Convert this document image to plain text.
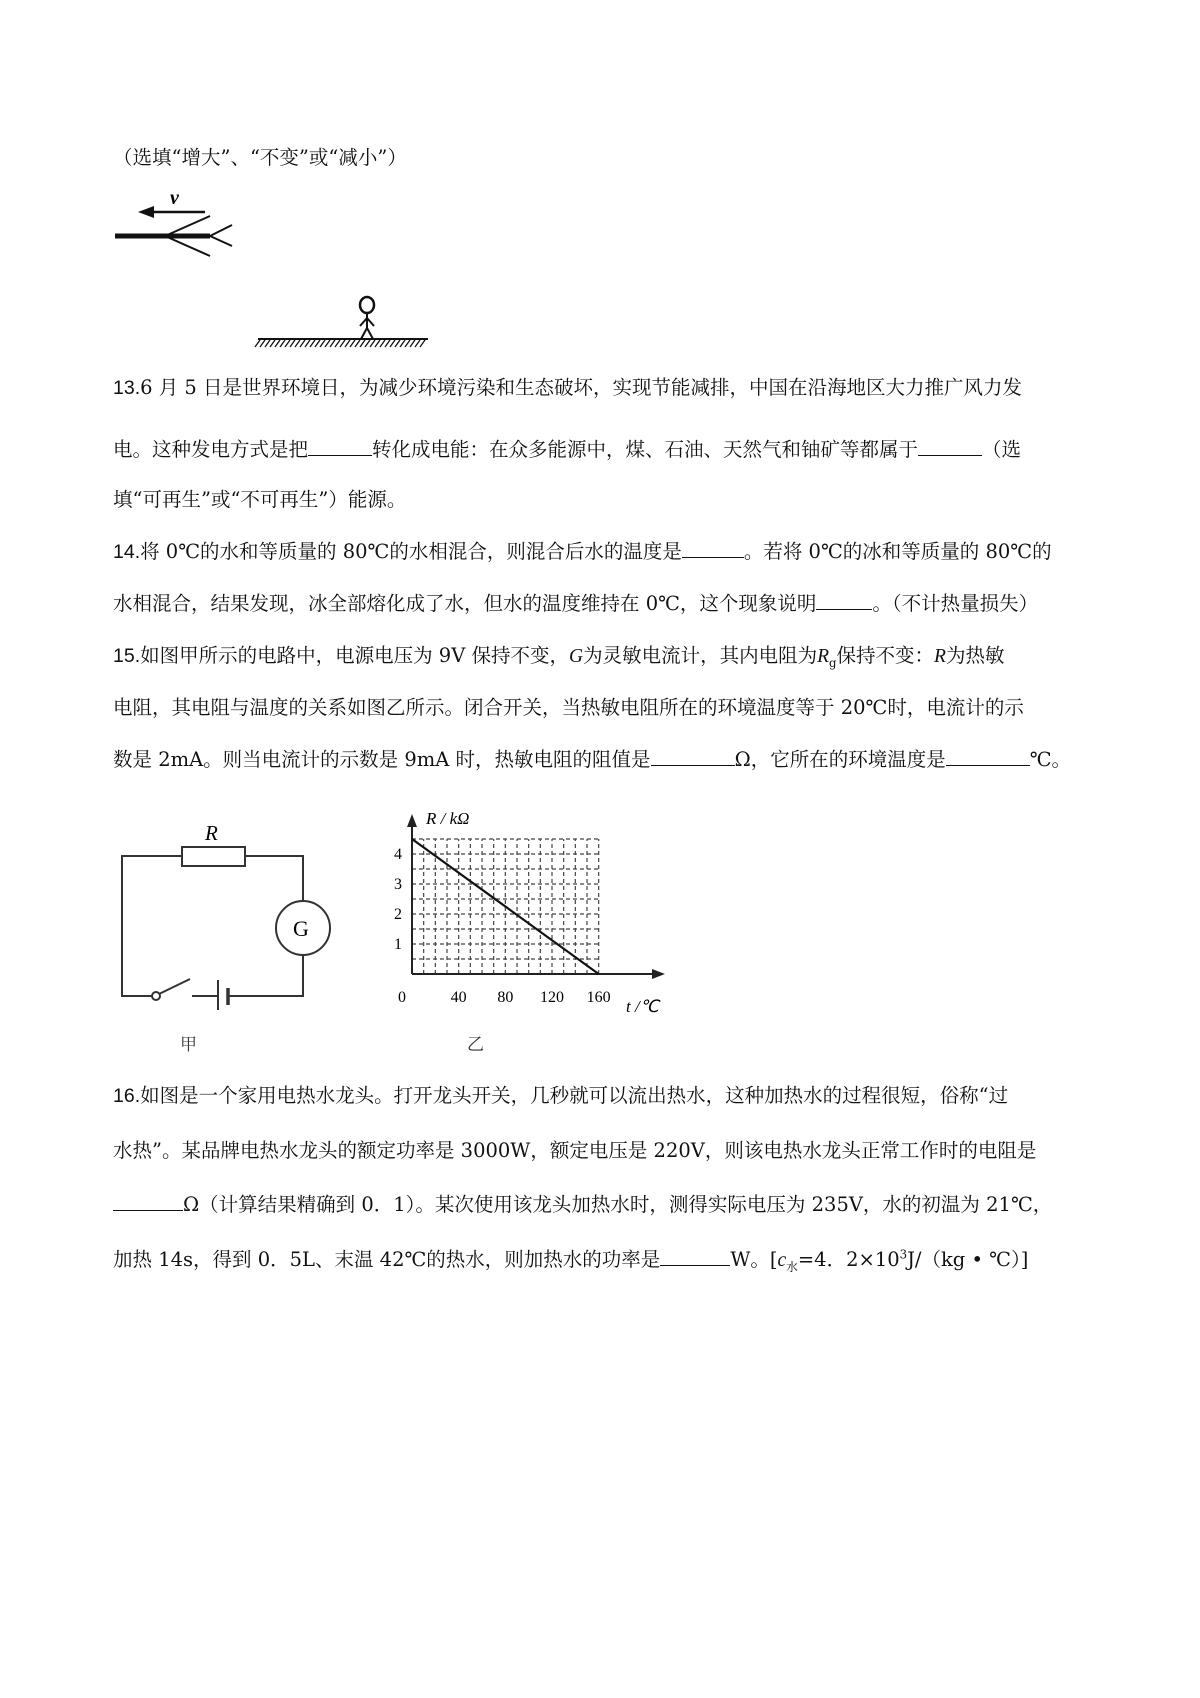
（选填“增大”、“不变”或“减小”）
v
13.6 月 5 日是世界环境日，为减少环境污染和生态破坏，实现节能减排，中国在沿海地区大力推广风力发
电。这种发电方式是把	转化成电能：在众多能源中，煤、石油、天然气和铀矿等都属于	（选
填“可再生”或“不可再生”）能源。
14.将 0℃的水和等质量的 80℃的水相混合，则混合后水的温度是	。若将 0℃的冰和等质量的 80℃的
水相混合，结果发现，冰全部熔化成了水，但水的温度维持在 0℃，这个现象说明	。（不计热量损失）
15.如图甲所示的电路中，电源电压为 9V 保持不变，G为灵敏电流计，其内电阻为$R_g$保持不变：R为热敏
电阻，其电阻与温度的关系如图乙所示。闭合开关，当热敏电阻所在的环境温度等于 20℃时，电流计的示
数是 2mA。则当电流计的示数是 9mA 时，热敏电阻的阻值是	Ω，它所在的环境温度是	℃。
R
G
甲
R / kΩ
t /℃
0	40 80 120 160
1
2
3
4
乙
16.如图是一个家用电热水龙头。打开龙头开关，几秒就可以流出热水，这种加热水的过程很短，俗称“过
水热”。某品牌电热水龙头的额定功率是 3000W，额定电压是 220V，则该电热水龙头正常工作时的电阻是
Ω（计算结果精确到 0．1）。某次使用该龙头加热水时，测得实际电压为 235V，水的初温为 21℃，
加热 14s，得到 0．5L、末温 42℃的热水，则加热水的功率是	W。[$c_水=4$．$2\times 10^3J/(kg$ • ℃）]
